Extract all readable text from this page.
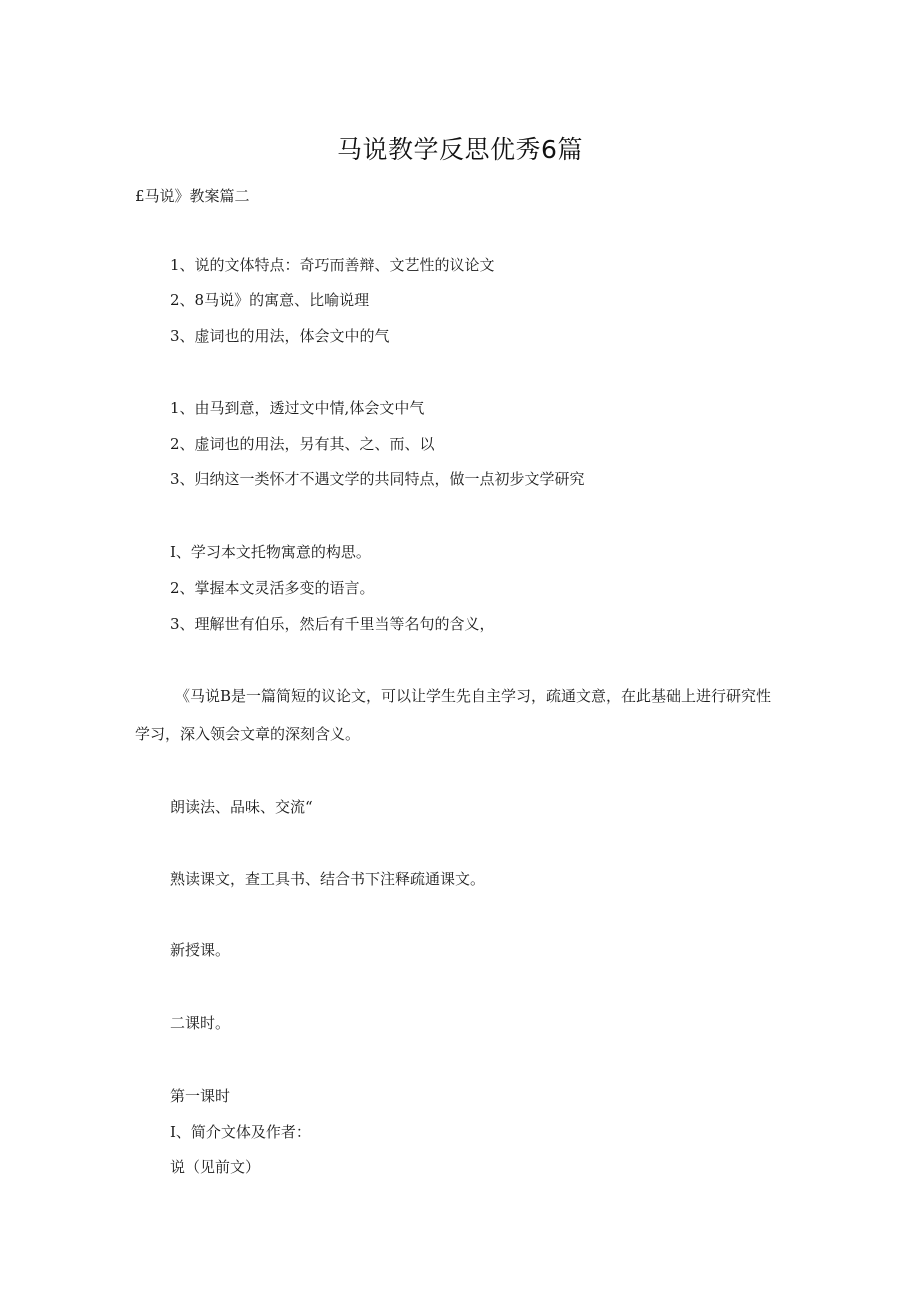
马说教学反思优秀6篇
£马说》教案篇二
1、说的文体特点：奇巧而善辩、文艺性的议论文
2、8马说》的寓意、比喻说理
3、虚词也的用法，体会文中的气
1、由马到意，透过文中情,体会文中气
2、虚词也的用法，另有其、之、而、以
3、归纳这一类怀才不遇文学的共同特点，做一点初步文学研究
I、学习本文托物寓意的构思。
2、掌握本文灵活多变的语言。
3、理解世有伯乐，然后有千里当等名句的含义，
《马说B是一篇简短的议论文，可以让学生先自主学习，疏通文意，在此基础上进行研究性学习，深入领会文章的深刻含义。
朗读法、品味、交流“
熟读课文，查工具书、结合书下注释疏通课文。
新授课。
二课时。
第一课时
I、简介文体及作者：
说（见前文）
